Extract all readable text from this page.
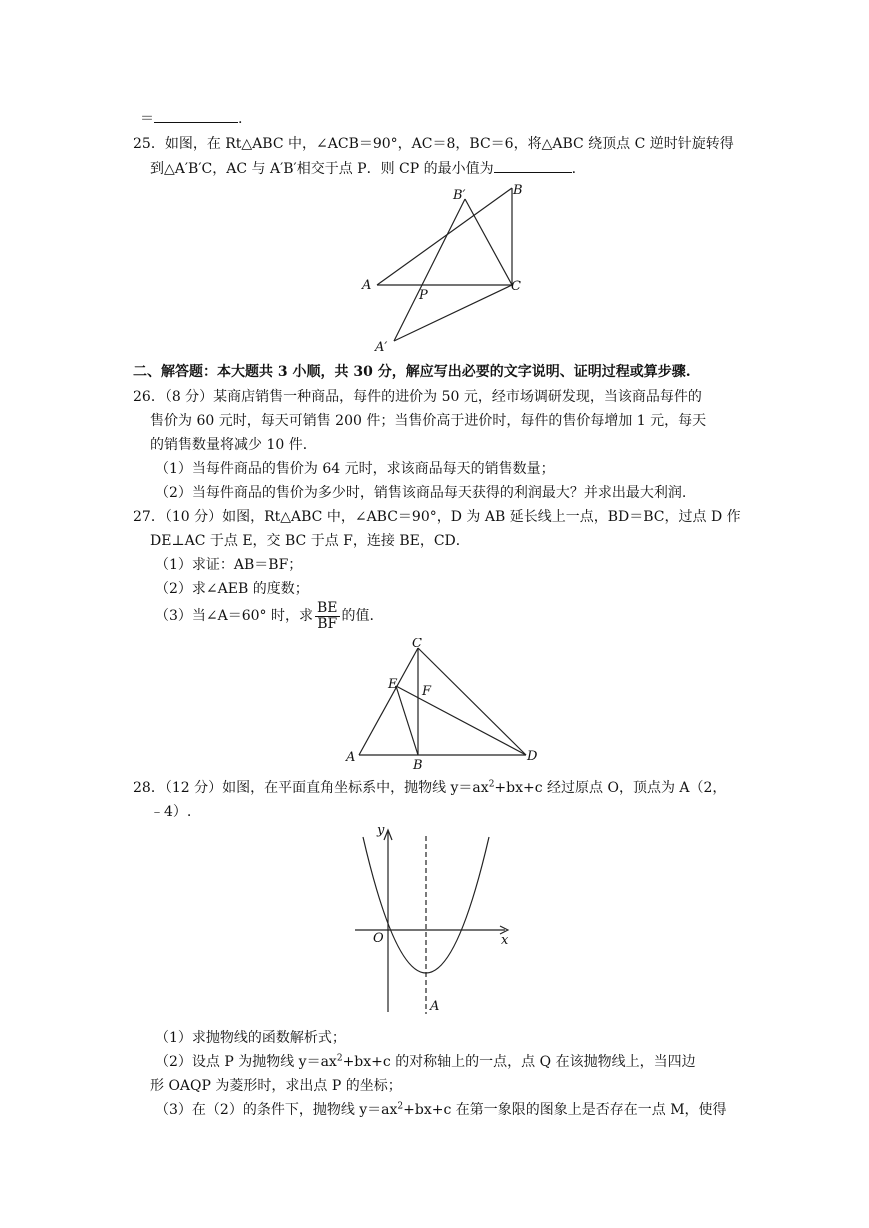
＝	.
25．如图，在 Rt△ABC 中，∠ACB＝90°，AC＝8，BC＝6，将△ABC 绕顶点 C 逆时针旋转得
到△A′B′C，AC 与 A′B′相交于点 P．则 CP 的最小值为	.
B′	B
A
P
C
A′
二、解答题：本大题共 3 小顺，共 30 分，解应写出必要的文字说明、证明过程或算步骤.
26．（8 分）某商店销售一种商品，每件的进价为 50 元，经市场调研发现，当该商品每件的
售价为 60 元时，每天可销售 200 件；当售价高于进价时，每件的售价每增加 1 元，每天
的销售数量将减少 10 件．
（1）当每件商品的售价为 64 元时，求该商品每天的销售数量；
（2）当每件商品的售价为多少时，销售该商品每天获得的利润最大？并求出最大利润.
27．（10 分）如图，Rt△ABC 中，∠ABC＝90°，D 为 AB 延长线上一点，BD＝BC，过点 D 作
DE⊥AC 于点 E，交 BC 于点 F，连接 BE，CD．
（1）求证：AB＝BF；
（2）求∠AEB 的度数；
（3）当∠A＝60° 时，求 $\frac{BE}{BF}$ 的值.
C
E F
A
B
D
28．（12 分）如图，在平面直角坐标系中，抛物线 $y=ax^2+bx+c$ 经过原点 O，顶点为 A（2，
﹣4）.
y
x
O
A
（1）求抛物线的函数解析式；
（2）设点 P 为抛物线 $y=ax^2+bx+c$ 的对称轴上的一点，点 Q 在该抛物线上，当四边
形 OAQP 为菱形时，求出点 P 的坐标；
（3）在（2）的条件下，抛物线 $y=ax^2+bx+c$ 在第一象限的图象上是否存在一点 M，使得
